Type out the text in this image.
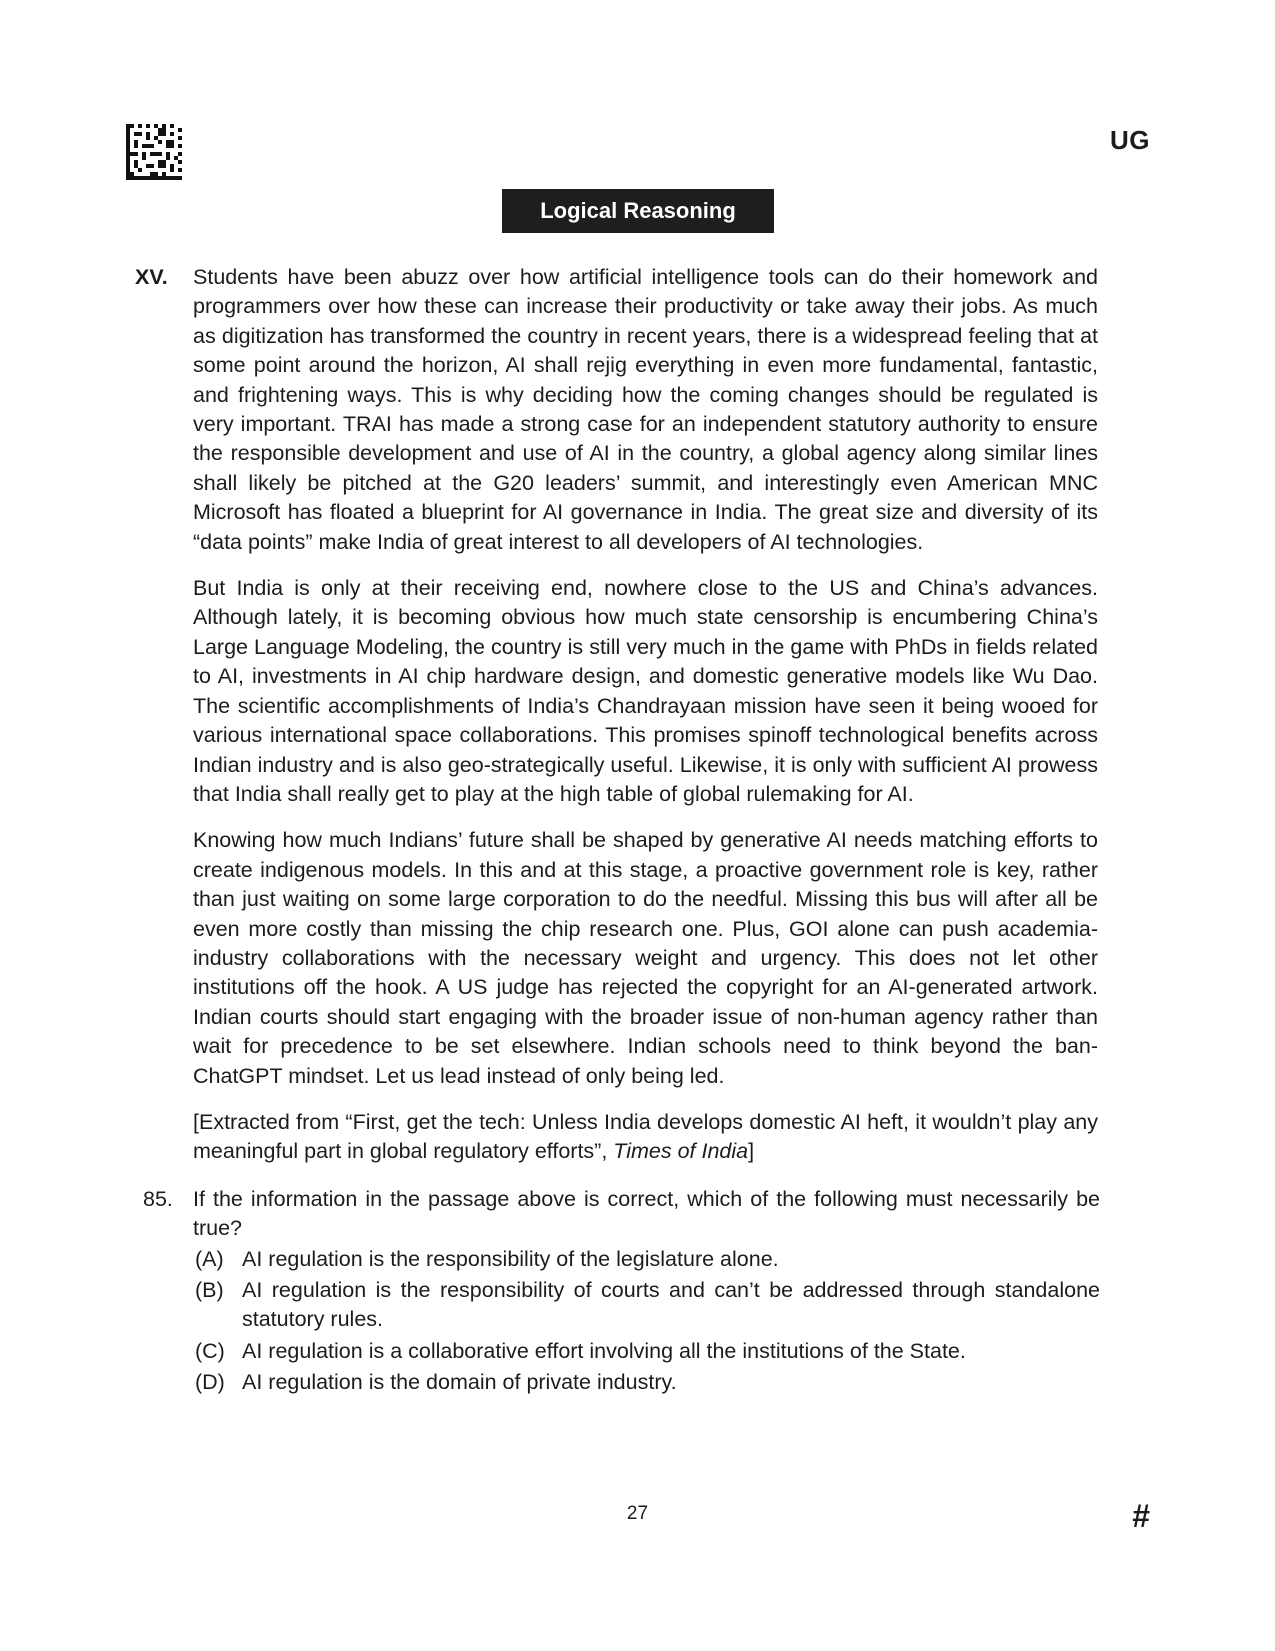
UG
Logical Reasoning
XV. Students have been abuzz over how artificial intelligence tools can do their homework and programmers over how these can increase their productivity or take away their jobs. As much as digitization has transformed the country in recent years, there is a widespread feeling that at some point around the horizon, AI shall rejig everything in even more fundamental, fantastic, and frightening ways. This is why deciding how the coming changes should be regulated is very important. TRAI has made a strong case for an independent statutory authority to ensure the responsible development and use of AI in the country, a global agency along similar lines shall likely be pitched at the G20 leaders’ summit, and interestingly even American MNC Microsoft has floated a blueprint for AI governance in India. The great size and diversity of its “data points” make India of great interest to all developers of AI technologies.

But India is only at their receiving end, nowhere close to the US and China’s advances. Although lately, it is becoming obvious how much state censorship is encumbering China’s Large Language Modeling, the country is still very much in the game with PhDs in fields related to AI, investments in AI chip hardware design, and domestic generative models like Wu Dao. The scientific accomplishments of India’s Chandrayaan mission have seen it being wooed for various international space collaborations. This promises spinoff technological benefits across Indian industry and is also geo-strategically useful. Likewise, it is only with sufficient AI prowess that India shall really get to play at the high table of global rulemaking for AI.

Knowing how much Indians’ future shall be shaped by generative AI needs matching efforts to create indigenous models. In this and at this stage, a proactive government role is key, rather than just waiting on some large corporation to do the needful. Missing this bus will after all be even more costly than missing the chip research one. Plus, GOI alone can push academia-industry collaborations with the necessary weight and urgency. This does not let other institutions off the hook. A US judge has rejected the copyright for an AI-generated artwork. Indian courts should start engaging with the broader issue of non-human agency rather than wait for precedence to be set elsewhere. Indian schools need to think beyond the ban-ChatGPT mindset. Let us lead instead of only being led.

[Extracted from “First, get the tech: Unless India develops domestic AI heft, it wouldn’t play any meaningful part in global regulatory efforts”, Times of India]

85. If the information in the passage above is correct, which of the following must necessarily be true?
(A) AI regulation is the responsibility of the legislature alone.
(B) AI regulation is the responsibility of courts and can’t be addressed through standalone statutory rules.
(C) AI regulation is a collaborative effort involving all the institutions of the State.
(D) AI regulation is the domain of private industry.
27	#
